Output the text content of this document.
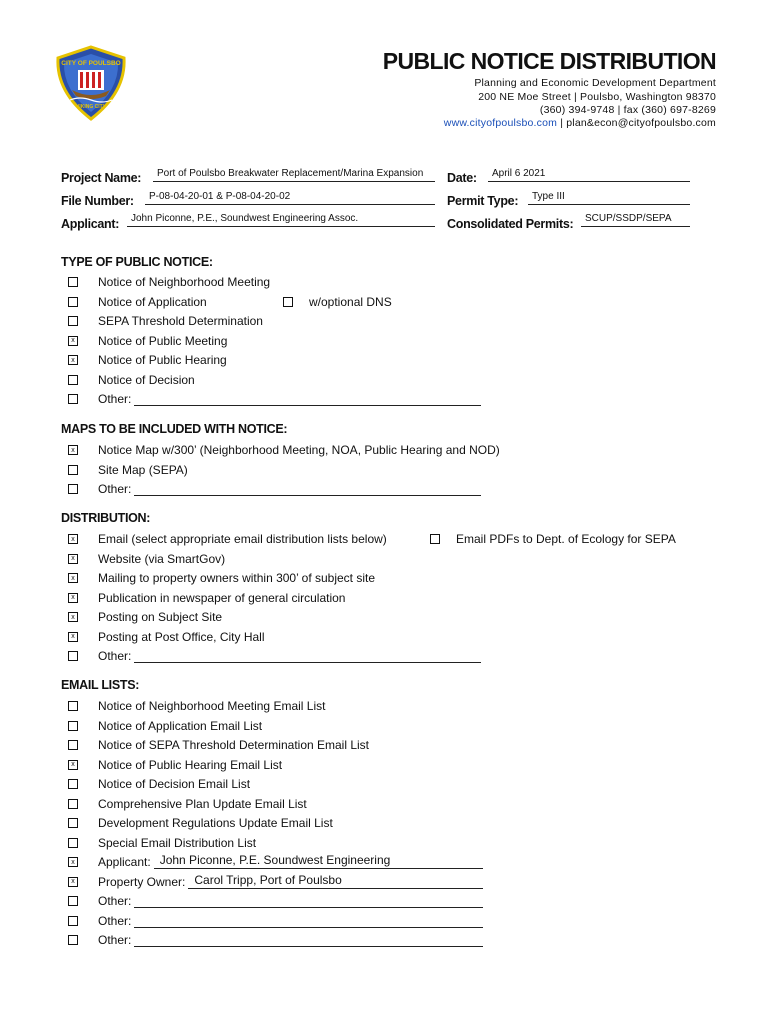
CITY OF POULSBO
VIKING CITY
PUBLIC NOTICE DISTRIBUTION
Planning and Economic Development Department
200 NE Moe Street | Poulsbo, Washington 98370
(360) 394-9748 | fax (360) 697-8269
www.cityofpoulsbo.com | plan&econ@cityofpoulsbo.com
Project Name:	Port of Poulsbo Breakwater Replacement/Marina Expansion	Date:	April 6 2021
File Number:	P-08-04-20-01 & P-08-04-20-02	Permit Type:	Type III
Applicant:	John Piconne, P.E., Soundwest Engineering Assoc.	Consolidated Permits:	SCUP/SSDP/SEPA
TYPE OF PUBLIC NOTICE:
Notice of Neighborhood Meeting
Notice of Application
SEPA Threshold Determination
x
Notice of Public Meeting
x
Notice of Public Hearing
Notice of Decision
Other:
w/optional DNS
MAPS TO BE INCLUDED WITH NOTICE:
x
Notice Map w/300’ (Neighborhood Meeting, NOA, Public Hearing and NOD)
Site Map (SEPA)
Other:
DISTRIBUTION:
x
Email (select appropriate email distribution lists below)
x
Website (via SmartGov)
x
Mailing to property owners within 300’ of subject site
x
Publication in newspaper of general circulation
x
Posting on Subject Site
x
Posting at Post Office, City Hall
Other:
Email PDFs to Dept. of Ecology for SEPA
EMAIL LISTS:
Notice of Neighborhood Meeting Email List
Notice of Application Email List
Notice of SEPA Threshold Determination Email List
x
Notice of Public Hearing Email List
Notice of Decision Email List
Comprehensive Plan Update Email List
Development Regulations Update Email List
Special Email Distribution List
x
Applicant: John Piconne, P.E. Soundwest Engineering
x
Property Owner: Carol Tripp, Port of Poulsbo
Other:
Other:
Other:
